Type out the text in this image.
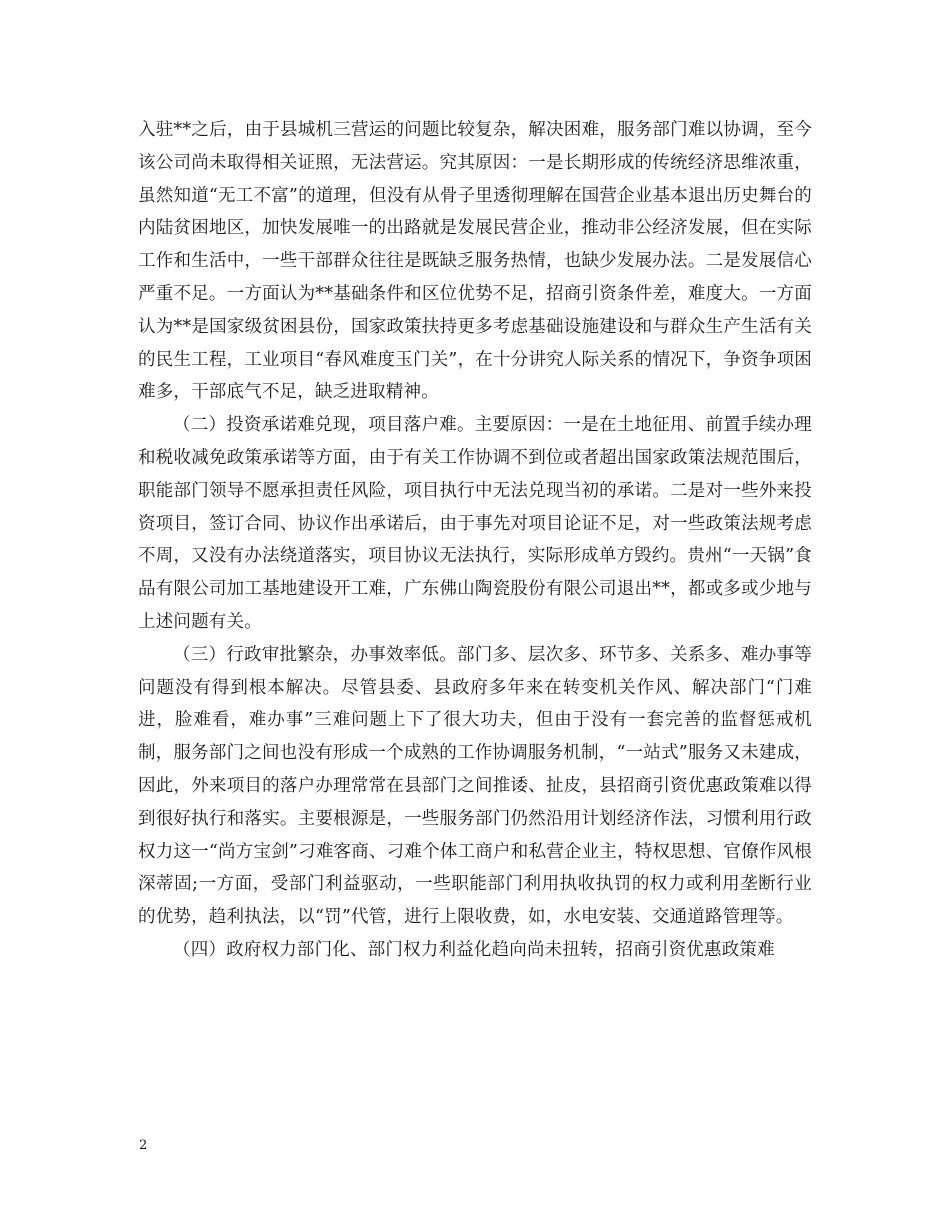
入驻**之后，由于县城机三营运的问题比较复杂，解决困难，服务部门难以协调，至今该公司尚未取得相关证照，无法营运。究其原因：一是长期形成的传统经济思维浓重，虽然知道“无工不富”的道理，但没有从骨子里透彻理解在国营企业基本退出历史舞台的内陆贫困地区，加快发展唯一的出路就是发展民营企业，推动非公经济发展，但在实际工作和生活中，一些干部群众往往是既缺乏服务热情，也缺少发展办法。二是发展信心严重不足。一方面认为**基础条件和区位优势不足，招商引资条件差，难度大。一方面认为**是国家级贫困县份，国家政策扶持更多考虑基础设施建设和与群众生产生活有关的民生工程，工业项目“春风难度玉门关”，在十分讲究人际关系的情况下，争资争项困难多，干部底气不足，缺乏进取精神。

（二）投资承诺难兑现，项目落户难。主要原因：一是在土地征用、前置手续办理和税收减免政策承诺等方面，由于有关工作协调不到位或者超出国家政策法规范围后，职能部门领导不愿承担责任风险，项目执行中无法兑现当初的承诺。二是对一些外来投资项目，签订合同、协议作出承诺后，由于事先对项目论证不足，对一些政策法规考虑不周，又没有办法绕道落实，项目协议无法执行，实际形成单方毁约。贵州“一天锅”食品有限公司加工基地建设开工难，广东佛山陶瓷股份有限公司退出**，都或多或少地与上述问题有关。

（三）行政审批繁杂，办事效率低。部门多、层次多、环节多、关系多、难办事等问题没有得到根本解决。尽管县委、县政府多年来在转变机关作风、解决部门“门难进，脸难看，难办事”三难问题上下了很大功夫，但由于没有一套完善的监督惩戒机制，服务部门之间也没有形成一个成熟的工作协调服务机制，“一站式”服务又未建成，因此，外来项目的落户办理常常在县部门之间推诿、扯皮，县招商引资优惠政策难以得到很好执行和落实。主要根源是，一些服务部门仍然沿用计划经济作法，习惯利用行政权力这一“尚方宝剑”刁难客商、刁难个体工商户和私营企业主，特权思想、官僚作风根深蒂固;一方面，受部门利益驱动，一些职能部门利用执收执罚的权力或利用垄断行业的优势，趋利执法，以“罚”代管，进行上限收费，如，水电安装、交通道路管理等。

（四）政府权力部门化、部门权力利益化趋向尚未扭转，招商引资优惠政策难

2
